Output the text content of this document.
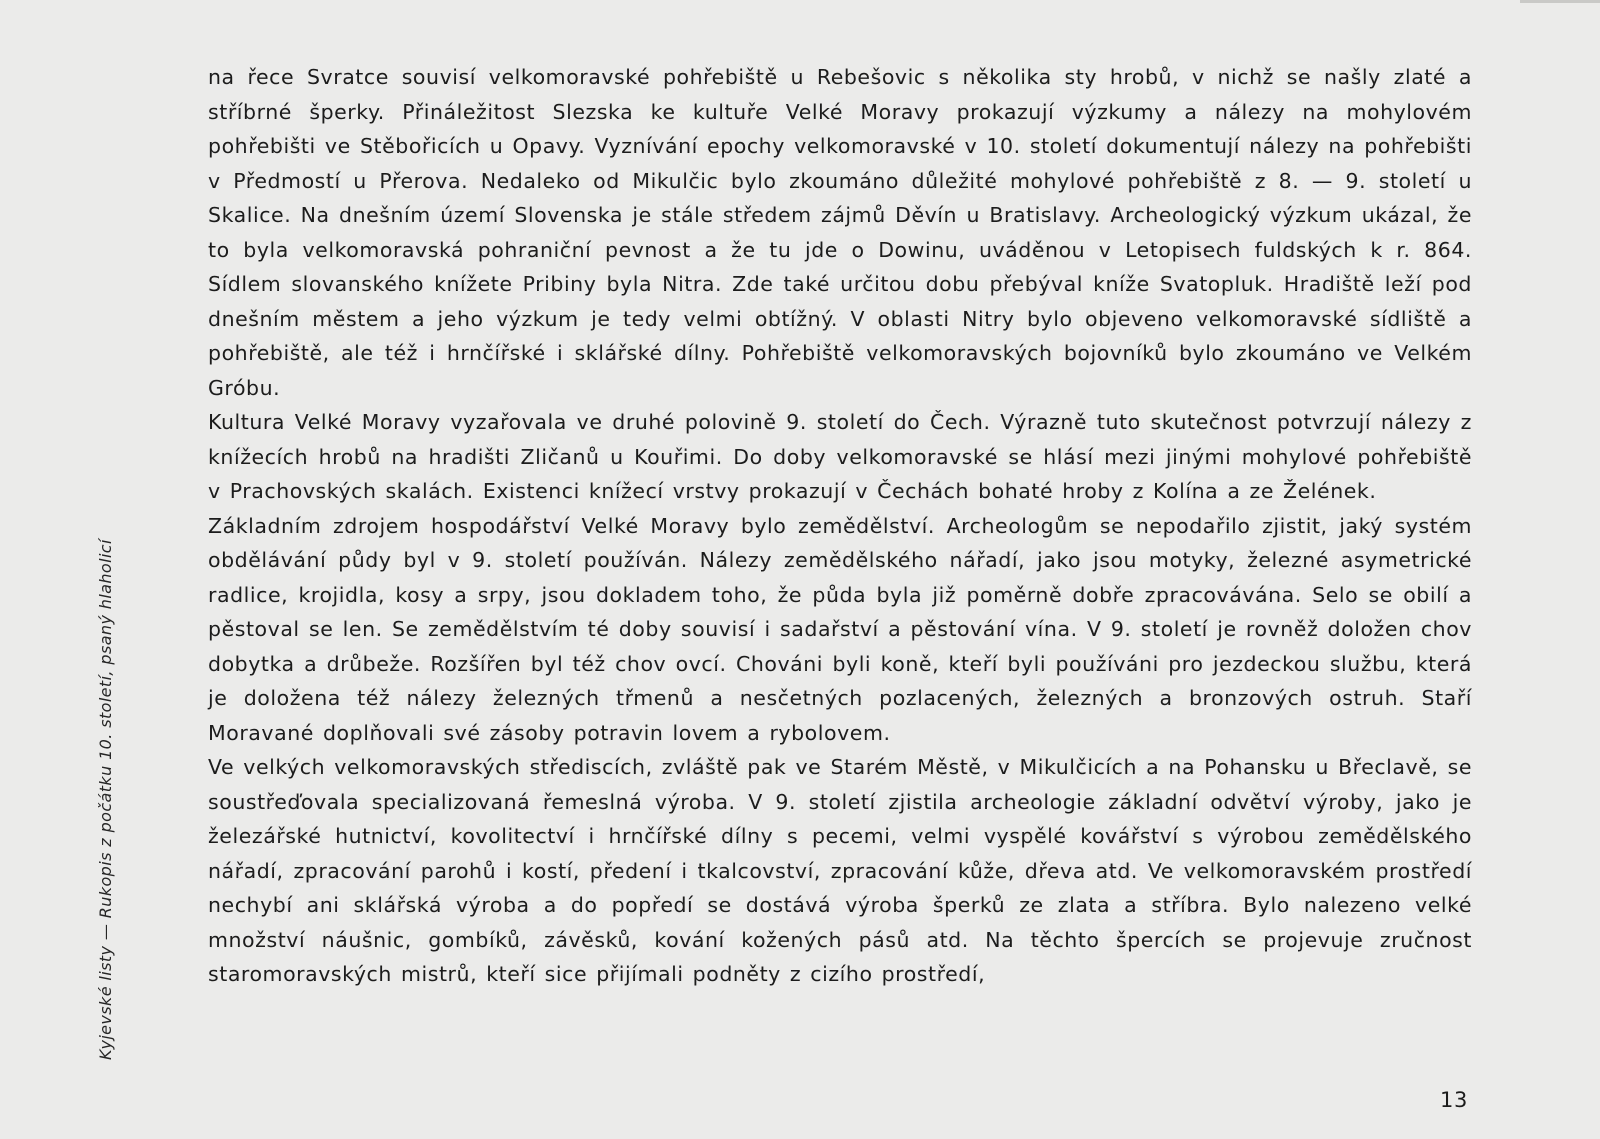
na řece Svratce souvisí velkomoravské pohřebiště u Rebešovic s několika sty hrobů, v nichž se našly zlaté a stříbrné šperky. Přináležitost Slezska ke kultuře Velké Moravy prokazují výzkumy a nálezy na mohylovém pohřebišti ve Stěbořicích u Opavy. Vyznívání epochy velkomoravské v 10. století dokumentují nálezy na pohřebišti v Předmostí u Přerova. Nedaleko od Mikulčic bylo zkoumáno důležité mohylové pohřebiště z 8. — 9. století u Skalice. Na dnešním území Slovenska je stále středem zájmů Děvín u Bratislavy. Archeologický výzkum ukázal, že to byla velkomoravská pohraniční pevnost a že tu jde o Dowinu, uváděnou v Letopisech fuldských k r. 864. Sídlem slovanského knížete Pribiny byla Nitra. Zde také určitou dobu přebýval kníže Svatopluk. Hradiště leží pod dnešním městem a jeho výzkum je tedy velmi obtížný. V oblasti Nitry bylo objeveno velkomoravské sídliště a pohřebiště, ale též i hrnčířské i sklářské dílny. Pohřebiště velkomoravských bojovníků bylo zkoumáno ve Velkém Gróbu.

Kultura Velké Moravy vyzařovala ve druhé polovině 9. století do Čech. Výrazně tuto skutečnost potvrzují nálezy z knížecích hrobů na hradišti Zličanů u Kouřimi. Do doby velkomoravské se hlásí mezi jinými mohylové pohřebiště v Prachovských skalách. Existenci knížecí vrstvy prokazují v Čechách bohaté hroby z Kolína a ze Želének.

Základním zdrojem hospodářství Velké Moravy bylo zemědělství. Archeologům se nepodařilo zjistit, jaký systém obdělávání půdy byl v 9. století používán. Nálezy zemědělského nářadí, jako jsou motyky, železné asymetrické radlice, krojidla, kosy a srpy, jsou dokladem toho, že půda byla již poměrně dobře zpracovávána. Selo se obilí a pěstoval se len. Se zemědělstvím té doby souvisí i sadařství a pěstování vína. V 9. století je rovněž doložen chov dobytka a drůbeže. Rozšířen byl též chov ovcí. Chováni byli koně, kteří byli používáni pro jezdeckou službu, která je doložena též nálezy železných třmenů a nesčetných pozlacených, železných a bronzových ostruh. Staří Moravané doplňovali své zásoby potravin lovem a rybolovem.

Ve velkých velkomoravských střediscích, zvláště pak ve Starém Městě, v Mikulčicích a na Pohansku u Břeclavě, se soustřeďovala specializovaná řemeslná výroba. V 9. století zjistila archeologie základní odvětví výroby, jako je železářské hutnictví, kovolitectví i hrnčířské dílny s pecemi, velmi vyspělé kovářství s výrobou zemědělského nářadí, zpracování parohů i kostí, předení i tkalcovství, zpracování kůže, dřeva atd. Ve velkomoravském prostředí nechybí ani sklářská výroba a do popředí se dostává výroba šperků ze zlata a stříbra. Bylo nalezeno velké množství náušnic, gombíků, závěsků, kování kožených pásů atd. Na těchto špercích se projevuje zručnost staromoravských mistrů, kteří sice přijímali podněty z cizího prostředí,

Kyjevské listy — Rukopis z počátku 10. století, psaný hlaholicí
13
